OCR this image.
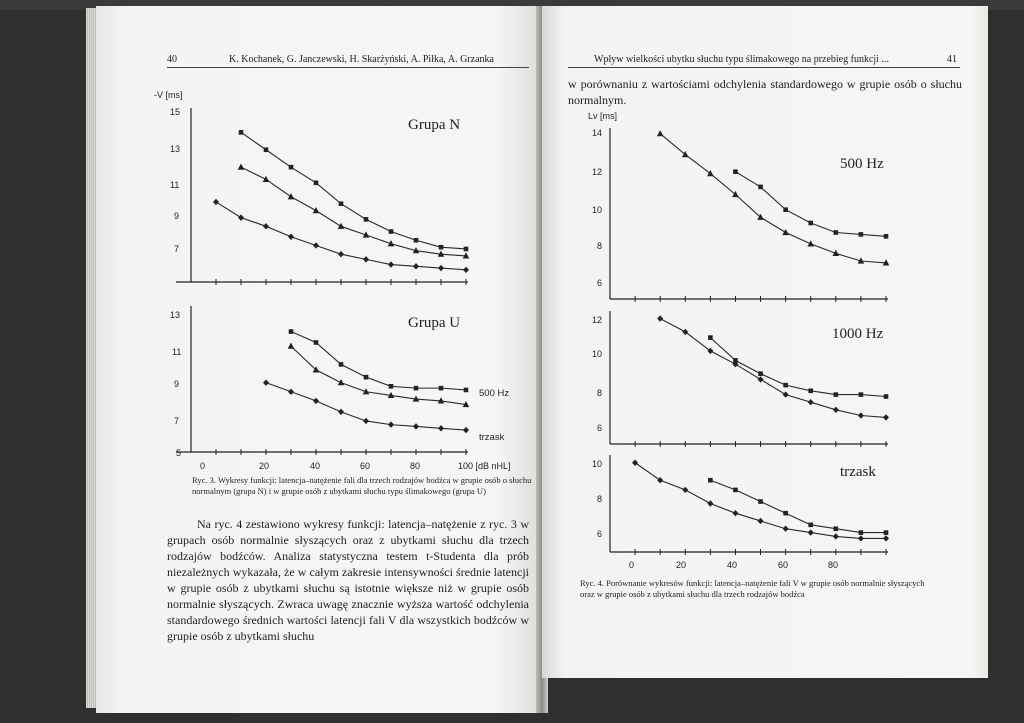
40	K. Kochanek, G. Janczewski, H. Skarżyński, A. Piłka, A. Grzanka
-V [ms]
15
13
11
9
7
Grupa N
13
11
9
7
5
Grupa U
500 Hz
trzask
0	20	40	60	80	100 [dB nHL]
Ryc. 3. Wykresy funkcji: latencja–natężenie fali dla trzech rodzajów bodźca w grupie osób o słuchu normalnym (grupa N) i w grupie osób z ubytkami słuchu typu ślimakowego (grupa U)
Na ryc. 4 zestawiono wykresy funkcji: latencja–natężenie z ryc. 3 w grupach osób normalnie słyszących oraz z ubytkami słuchu dla trzech rodzajów bodźców. Analiza statystyczna testem t-Studenta dla prób niezależnych wykazała, że w całym zakresie intensywności średnie latencji w grupie osób z ubytkami słuchu są istotnie większe niż w grupie osób normalnie słyszących. Zwraca uwagę znacznie wyższa wartość odchylenia standardowego średnich wartości latencji fali V dla wszystkich bodźców w grupie osób z ubytkami słuchu
Wpływ wielkości ubytku słuchu typu ślimakowego na przebieg funkcji ...	41
w porównaniu z wartościami odchylenia standardowego w grupie osób o słuchu normalnym.
Lv [ms]
14
12
10
8
6
500 Hz
12
10
8
6
1000 Hz
10
8
6
trzask
0	20	40	60	80
Ryc. 4. Porównanie wykresów funkcji: latencja–natężenie fali V w grupie osób normalnie słyszących oraz w grupie osób z ubytkami słuchu dla trzech rodzajów bodźca
